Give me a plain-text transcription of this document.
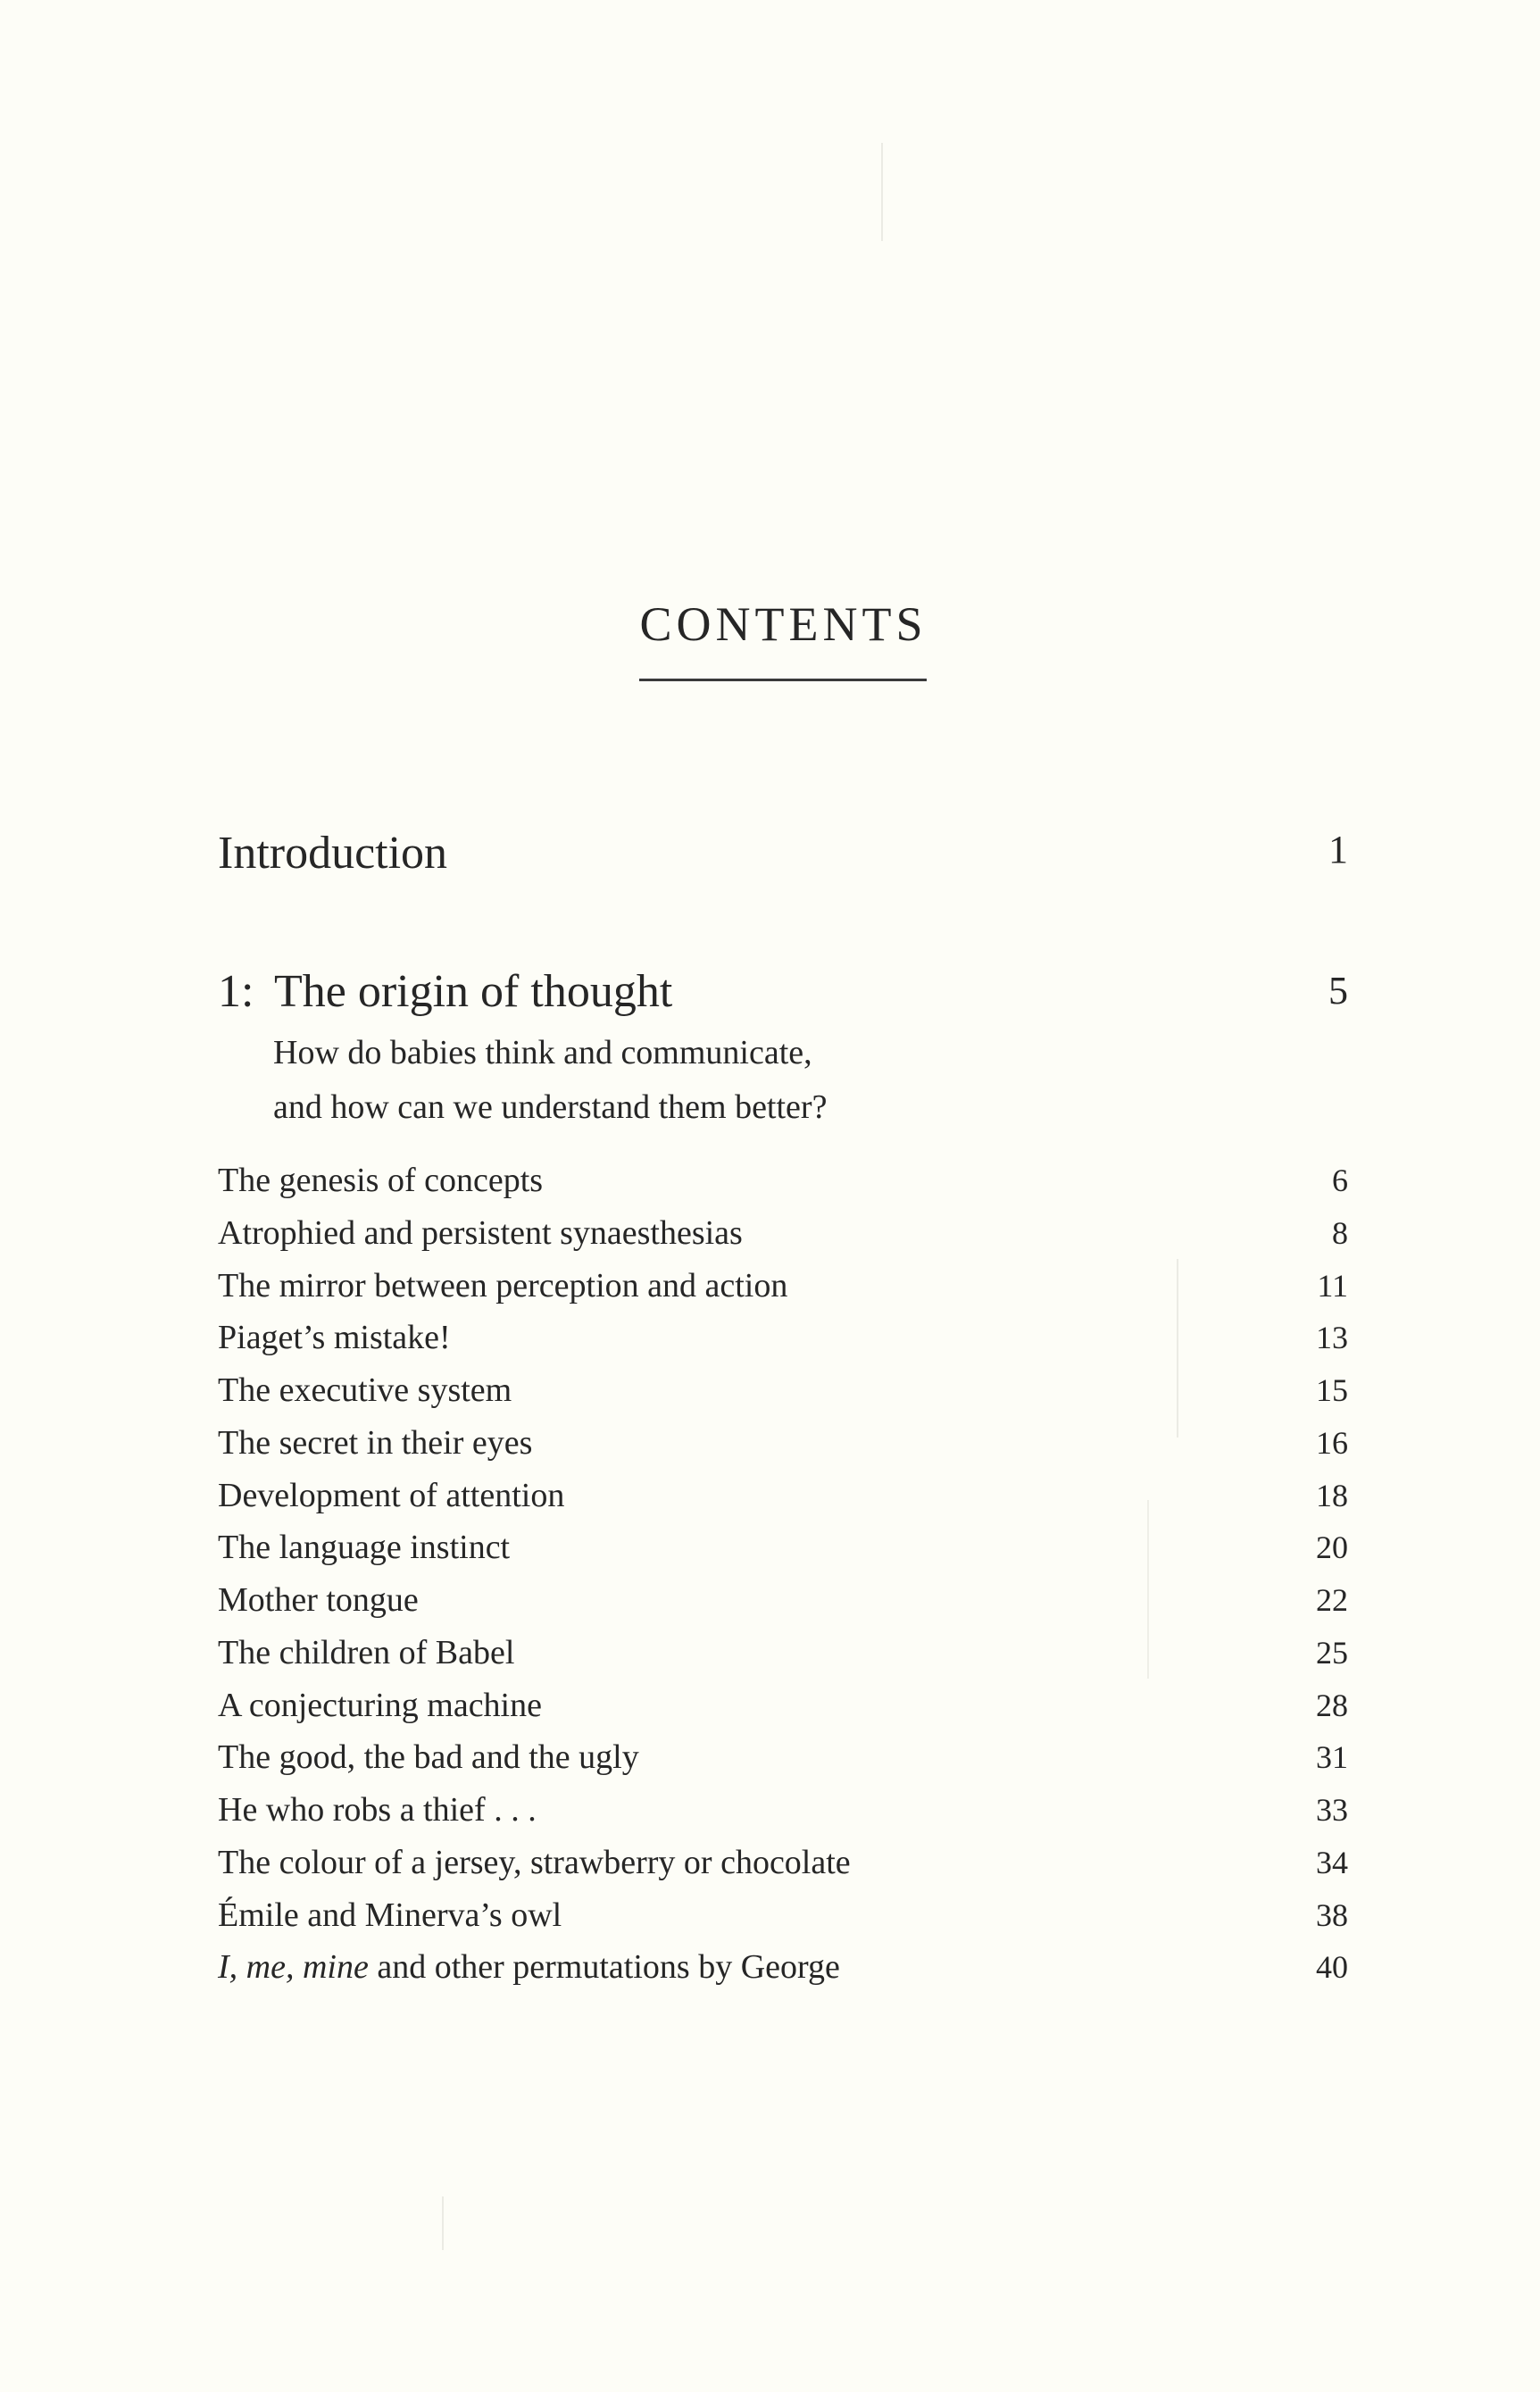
CONTENTS
Introduction	1
1: The origin of thought	5
How do babies think and communicate,
and how can we understand them better?
The genesis of concepts	6
Atrophied and persistent synaesthesias	8
The mirror between perception and action	11
Piaget’s mistake!	13
The executive system	15
The secret in their eyes	16
Development of attention	18
The language instinct	20
Mother tongue	22
The children of Babel	25
A conjecturing machine	28
The good, the bad and the ugly	31
He who robs a thief . . .	33
The colour of a jersey, strawberry or chocolate	34
Émile and Minerva’s owl	38
I, me, mine and other permutations by George	40
